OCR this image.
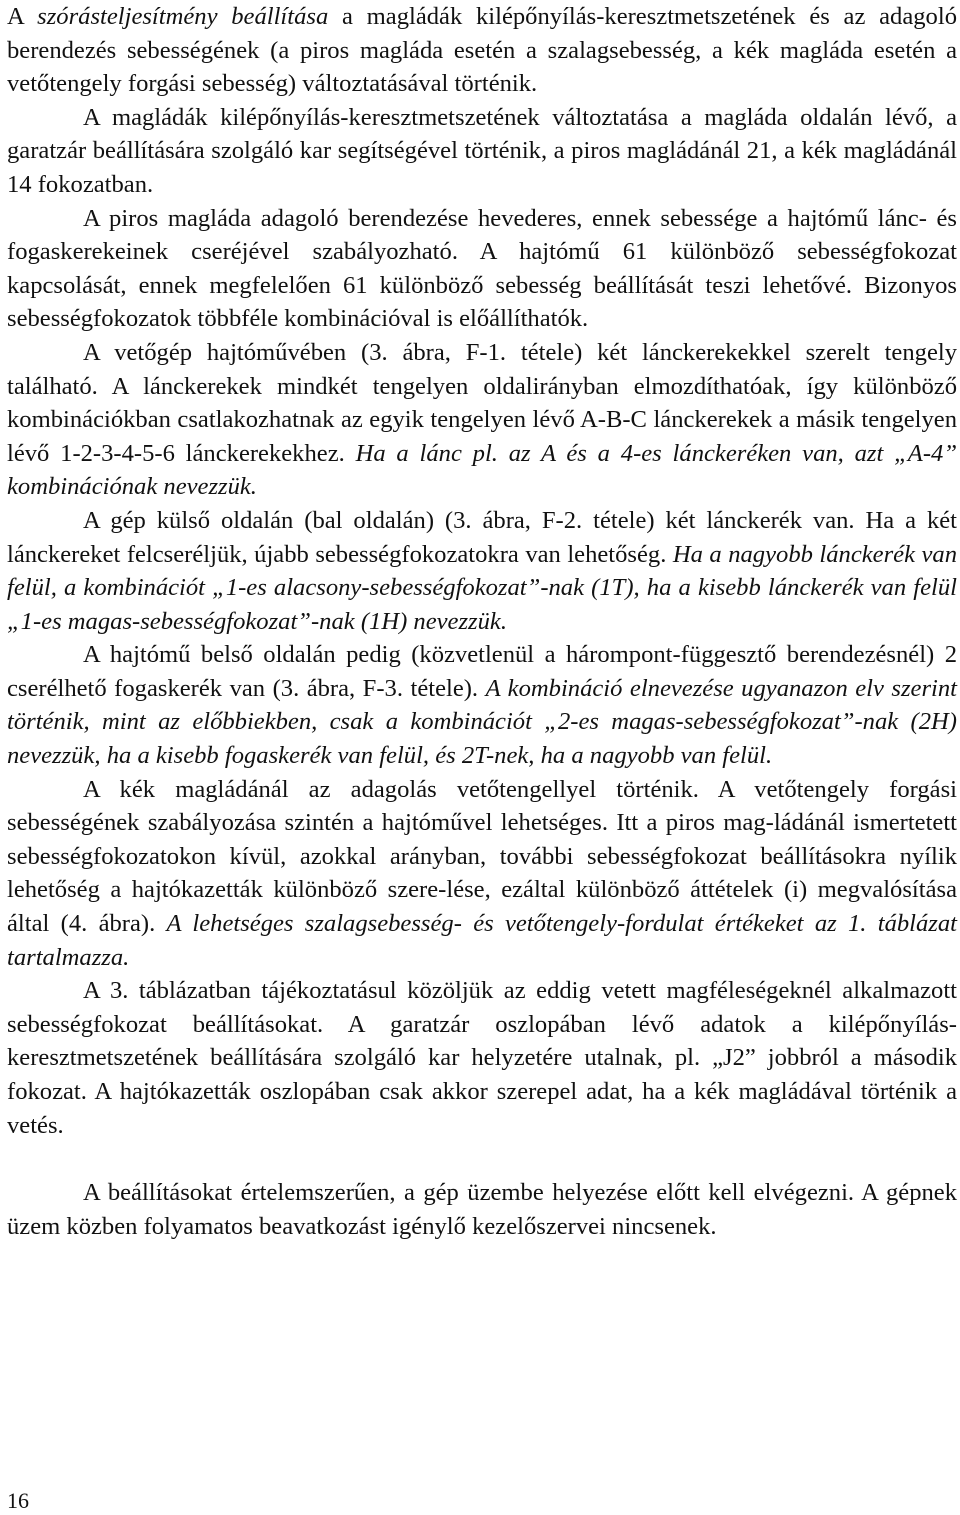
A szórásteljesítmény beállítása a magládák kilépőnyílás-keresztmetszetének és az adagoló berendezés sebességének (a piros magláda esetén a szalagsebesség, a kék magláda esetén a vetőtengely forgási sebesség) változtatásával történik.

A magládák kilépőnyílás-keresztmetszetének változtatása a magláda oldalán lévő, a garatzár beállítására szolgáló kar segítségével történik, a piros magládánál 21, a kék magládánál 14 fokozatban.

A piros magláda adagoló berendezése hevederes, ennek sebessége a hajtómű lánc- és fogaskerekeinek cseréjével szabályozható. A hajtómű 61 különböző sebességfokozat kapcsolását, ennek megfelelően 61 különböző sebesség beállítását teszi lehetővé. Bizonyos sebességfokozatok többféle kombinációval is előállíthatók.

A vetőgép hajtóművében (3. ábra, F-1. tétele) két lánckerekekkel szerelt tengely található. A lánckerekek mindkét tengelyen oldalirányban elmozdíthatóak, így különböző kombinációkban csatlakozhatnak az egyik tengelyen lévő A-B-C lánckerekek a másik tengelyen lévő 1-2-3-4-5-6 lánckerekekhez. Ha a lánc pl. az A és a 4-es lánckeréken van, azt „A-4” kombinációnak nevezzük.

A gép külső oldalán (bal oldalán) (3. ábra, F-2. tétele) két lánckerék van. Ha a két lánckereket felcseréljük, újabb sebességfokozatokra van lehetőség. Ha a nagyobb lánckerék van felül, a kombinációt „1-es alacsony-sebességfokozat”-nak (1T), ha a kisebb lánckerék van felül „1-es magas-sebességfokozat”-nak (1H) nevezzük.

A hajtómű belső oldalán pedig (közvetlenül a hárompont-függesztő berendezésnél) 2 cserélhető fogaskerék van (3. ábra, F-3. tétele). A kombináció elnevezése ugyanazon elv szerint történik, mint az előbbiekben, csak a kombinációt „2-es magas-sebességfokozat”-nak (2H) nevezzük, ha a kisebb fogaskerék van felül, és 2T-nek, ha a nagyobb van felül.

A kék magládánál az adagolás vetőtengellyel történik. A vetőtengely forgási sebességének szabályozása szintén a hajtóművel lehetséges. Itt a piros mag-ládánál ismertetett sebességfokozatokon kívül, azokkal arányban, további sebességfokozat beállításokra nyílik lehetőség a hajtókazetták különböző szere-lése, ezáltal különböző áttételek (i) megvalósítása által (4. ábra). A lehetséges szalagsebesség- és vetőtengely-fordulat értékeket az 1. táblázat tartalmazza.

A 3. táblázatban tájékoztatásul közöljük az eddig vetett magféleségeknél alkalmazott sebességfokozat beállításokat. A garatzár oszlopában lévő adatok a kilépőnyílás-keresztmetszetének beállítására szolgáló kar helyzetére utalnak, pl. „J2” jobbról a második fokozat. A hajtókazetták oszlopában csak akkor szerepel adat, ha a kék magládával történik a vetés.

A beállításokat értelemszerűen, a gép üzembe helyezése előtt kell elvégezni. A gépnek üzem közben folyamatos beavatkozást igénylő kezelőszervei nincsenek.

16
